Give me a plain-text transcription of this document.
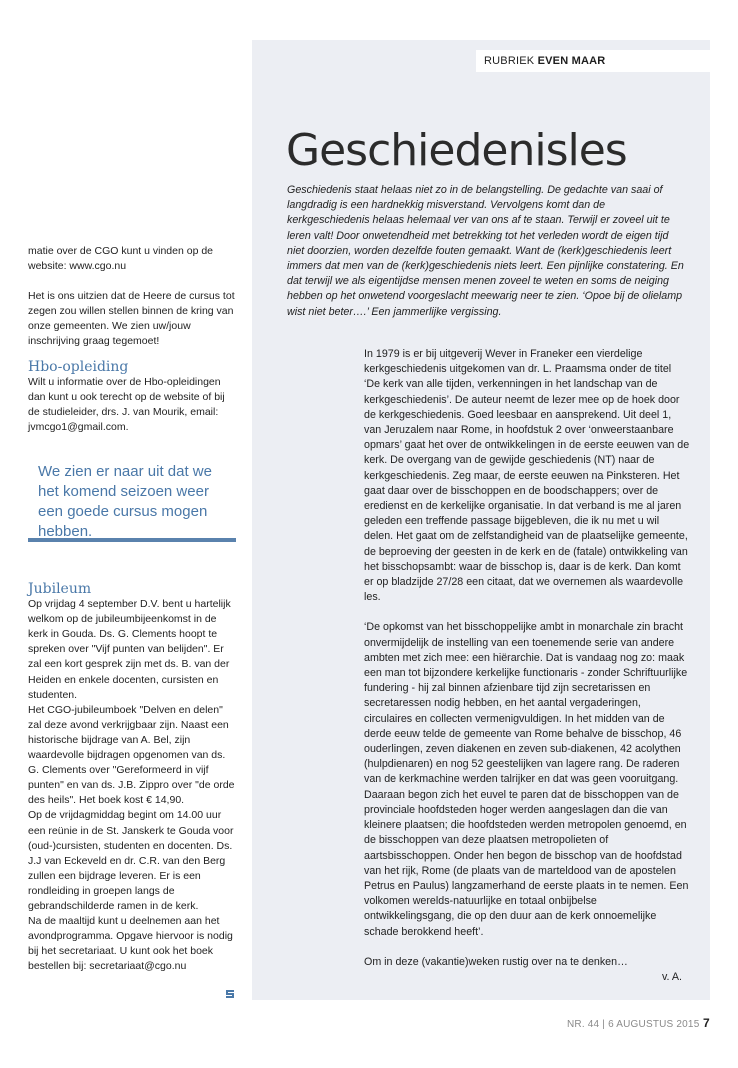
RUBRIEK EVEN MAAR
Geschiedenisles

Geschiedenis staat helaas niet zo in de belangstelling. De gedachte van saai of langdradig is een hardnekkig misverstand. Vervolgens komt dan de kerkgeschiedenis helaas helemaal ver van ons af te staan. Terwijl er zoveel uit te leren valt! Door onwetendheid met betrekking tot het verleden wordt de eigen tijd niet doorzien, worden dezelfde fouten gemaakt. Want de (kerk)geschiedenis leert immers dat men van de (kerk)geschiedenis niets leert. Een pijnlijke constatering. En dat terwijl we als eigentijdse mensen menen zoveel te weten en soms de neiging hebben op het onwetend voorgeslacht meewarig neer te zien. ‘Opoe bij de olielamp wist niet beter….’ Een jammerlijke vergissing.

In 1979 is er bij uitgeverij Wever in Franeker een vierdelige kerkgeschiedenis uitgekomen van dr. L. Praamsma onder de titel ‘De kerk van alle tijden, verkenningen in het landschap van de kerkgeschiedenis’. De auteur neemt de lezer mee op de hoek door de kerkgeschiedenis. Goed leesbaar en aansprekend. Uit deel 1, van Jeruzalem naar Rome, in hoofdstuk 2 over ‘onweerstaanbare opmars’ gaat het over de ontwikkelingen in de eerste eeuwen van de kerk. De overgang van de gewijde geschiedenis (NT) naar de kerkgeschiedenis. Zeg maar, de eerste eeuwen na Pinksteren. Het gaat daar over de bisschoppen en de boodschappers; over de eredienst en de kerkelijke organisatie. In dat verband is me al jaren geleden een treffende passage bijgebleven, die ik nu met u wil delen. Het gaat om de zelfstandigheid van de plaatselijke gemeente, de beproeving der geesten in de kerk en de (fatale) ontwikkeling van het bisschopsambt: waar de bisschop is, daar is de kerk. Dan komt er op bladzijde 27/28 een citaat, dat we overnemen als waardevolle les.

‘De opkomst van het bisschoppelijke ambt in monarchale zin bracht onvermijdelijk de instelling van een toenemende serie van andere ambten met zich mee: een hiërarchie. Dat is vandaag nog zo: maak een man tot bijzondere kerkelijke functionaris - zonder Schriftuurlijke fundering - hij zal binnen afzienbare tijd zijn secretarissen en secretaressen nodig hebben, en het aantal vergaderingen, circulaires en collecten vermenigvuldigen. In het midden van de derde eeuw telde de gemeente van Rome behalve de bisschop, 46 ouderlingen, zeven diakenen en zeven sub-diakenen, 42 acolythen (hulpdienaren) en nog 52 geestelijken van lagere rang. De raderen van de kerkmachine werden talrijker en dat was geen vooruitgang. Daaraan begon zich het euvel te paren dat de bisschoppen van de provinciale hoofdsteden hoger werden aangeslagen dan die van kleinere plaatsen; die hoofdsteden werden metropolen genoemd, en de bisschoppen van deze plaatsen metropolieten of aartsbisschoppen. Onder hen begon de bisschop van de hoofdstad van het rijk, Rome (de plaats van de marteldood van de apostelen Petrus en Paulus) langzamerhand de eerste plaats in te nemen. Een volkomen werelds-natuurlijke en totaal onbijbelse ontwikkelingsgang, die op den duur aan de kerk onnoemelijke schade berokkend heeft’.

Om in deze (vakantie)weken rustig over na te denken…

v. A.

matie over de CGO kunt u vinden op de website: www.cgo.nu

Het is ons uitzien dat de Heere de cursus tot zegen zou willen stellen binnen de kring van onze gemeenten. We zien uw/jouw inschrijving graag tegemoet!

Hbo-opleiding

Wilt u informatie over de Hbo-opleidingen dan kunt u ook terecht op de website of bij de studieleider, drs. J. van Mourik, email: jvmcgo1@gmail.com.

We zien er naar uit dat we het komend seizoen weer een goede cursus mogen hebben.

Jubileum

Op vrijdag 4 september D.V. bent u hartelijk welkom op de jubileumbijeenkomst in de kerk in Gouda. Ds. G. Clements hoopt te spreken over "Vijf punten van belijden". Er zal een kort gesprek zijn met ds. B. van der Heiden en enkele docenten, cursisten en studenten.

Het CGO-jubileumboek "Delven en delen" zal deze avond verkrijgbaar zijn. Naast een historische bijdrage van A. Bel, zijn waardevolle bijdragen opgenomen van ds. G. Clements over "Gereformeerd in vijf punten" en van ds. J.B. Zippro over "de orde des heils". Het boek kost € 14,90.

Op de vrijdagmiddag begint om 14.00 uur een reünie in de St. Janskerk te Gouda voor (oud-)cursisten, studenten en docenten. Ds. J.J van Eckeveld en dr. C.R. van den Berg zullen een bijdrage leveren. Er is een rondleiding in groepen langs de gebrandschilderde ramen in de kerk.

Na de maaltijd kunt u deelnemen aan het avondprogramma. Opgave hiervoor is nodig bij het secretariaat. U kunt ook het boek bestellen bij: secretariaat@cgo.nu

NR. 44 | 6 AUGUSTUS 2015 7
